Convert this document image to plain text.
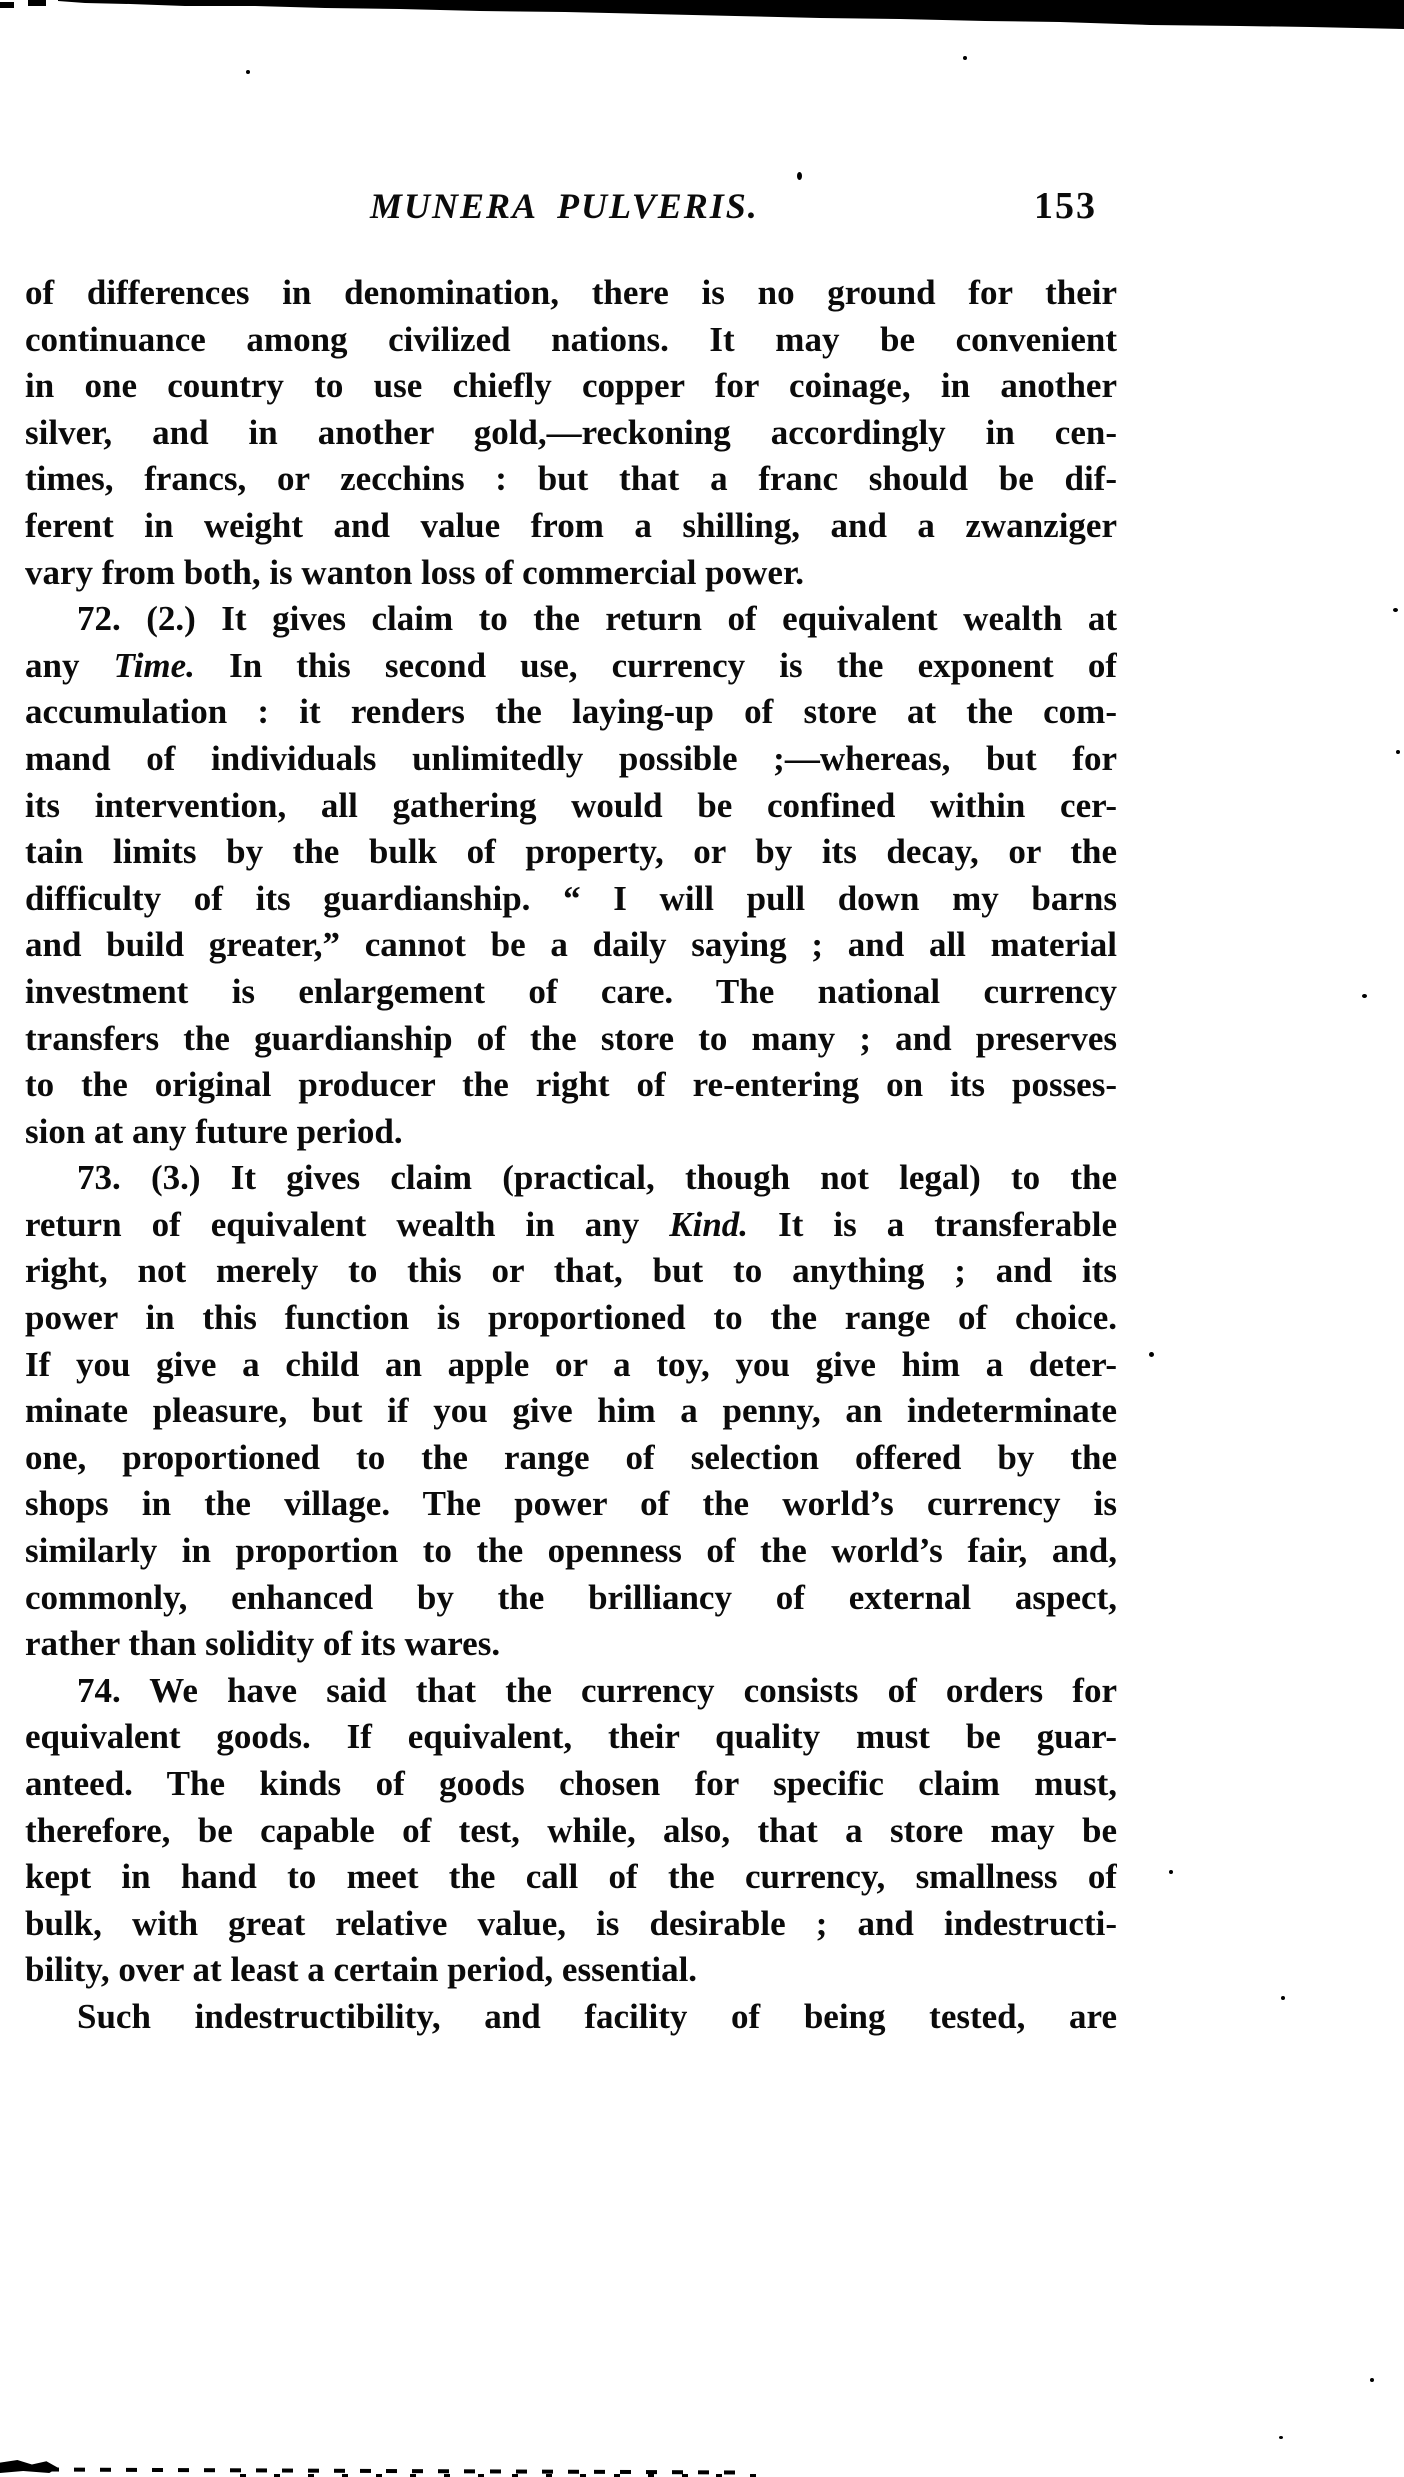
MUNERA PULVERIS.	153
of differences in denomination, there is no ground for their
continuance among civilized nations. It may be convenient
in one country to use chiefly copper for coinage, in another
silver, and in another gold,—reckoning accordingly in cen-
times, francs, or zecchins : but that a franc should be dif-
ferent in weight and value from a shilling, and a zwanziger
vary from both, is wanton loss of commercial power.
72. (2.) It gives claim to the return of equivalent wealth at
any Time. In this second use, currency is the exponent of
accumulation : it renders the laying-up of store at the com-
mand of individuals unlimitedly possible ;—whereas, but for
its intervention, all gathering would be confined within cer-
tain limits by the bulk of property, or by its decay, or the
difficulty of its guardianship. “ I will pull down my barns
and build greater,” cannot be a daily saying ; and all material
investment is enlargement of care. The national currency
transfers the guardianship of the store to many ; and preserves
to the original producer the right of re-entering on its posses-
sion at any future period.
73. (3.) It gives claim (practical, though not legal) to the
return of equivalent wealth in any Kind. It is a transferable
right, not merely to this or that, but to anything ; and its
power in this function is proportioned to the range of choice.
If you give a child an apple or a toy, you give him a deter-
minate pleasure, but if you give him a penny, an indeterminate
one, proportioned to the range of selection offered by the
shops in the village. The power of the world’s currency is
similarly in proportion to the openness of the world’s fair, and,
commonly, enhanced by the brilliancy of external aspect,
rather than solidity of its wares.
74. We have said that the currency consists of orders for
equivalent goods. If equivalent, their quality must be guar-
anteed. The kinds of goods chosen for specific claim must,
therefore, be capable of test, while, also, that a store may be
kept in hand to meet the call of the currency, smallness of
bulk, with great relative value, is desirable ; and indestructi-
bility, over at least a certain period, essential.
Such indestructibility, and facility of being tested, are
